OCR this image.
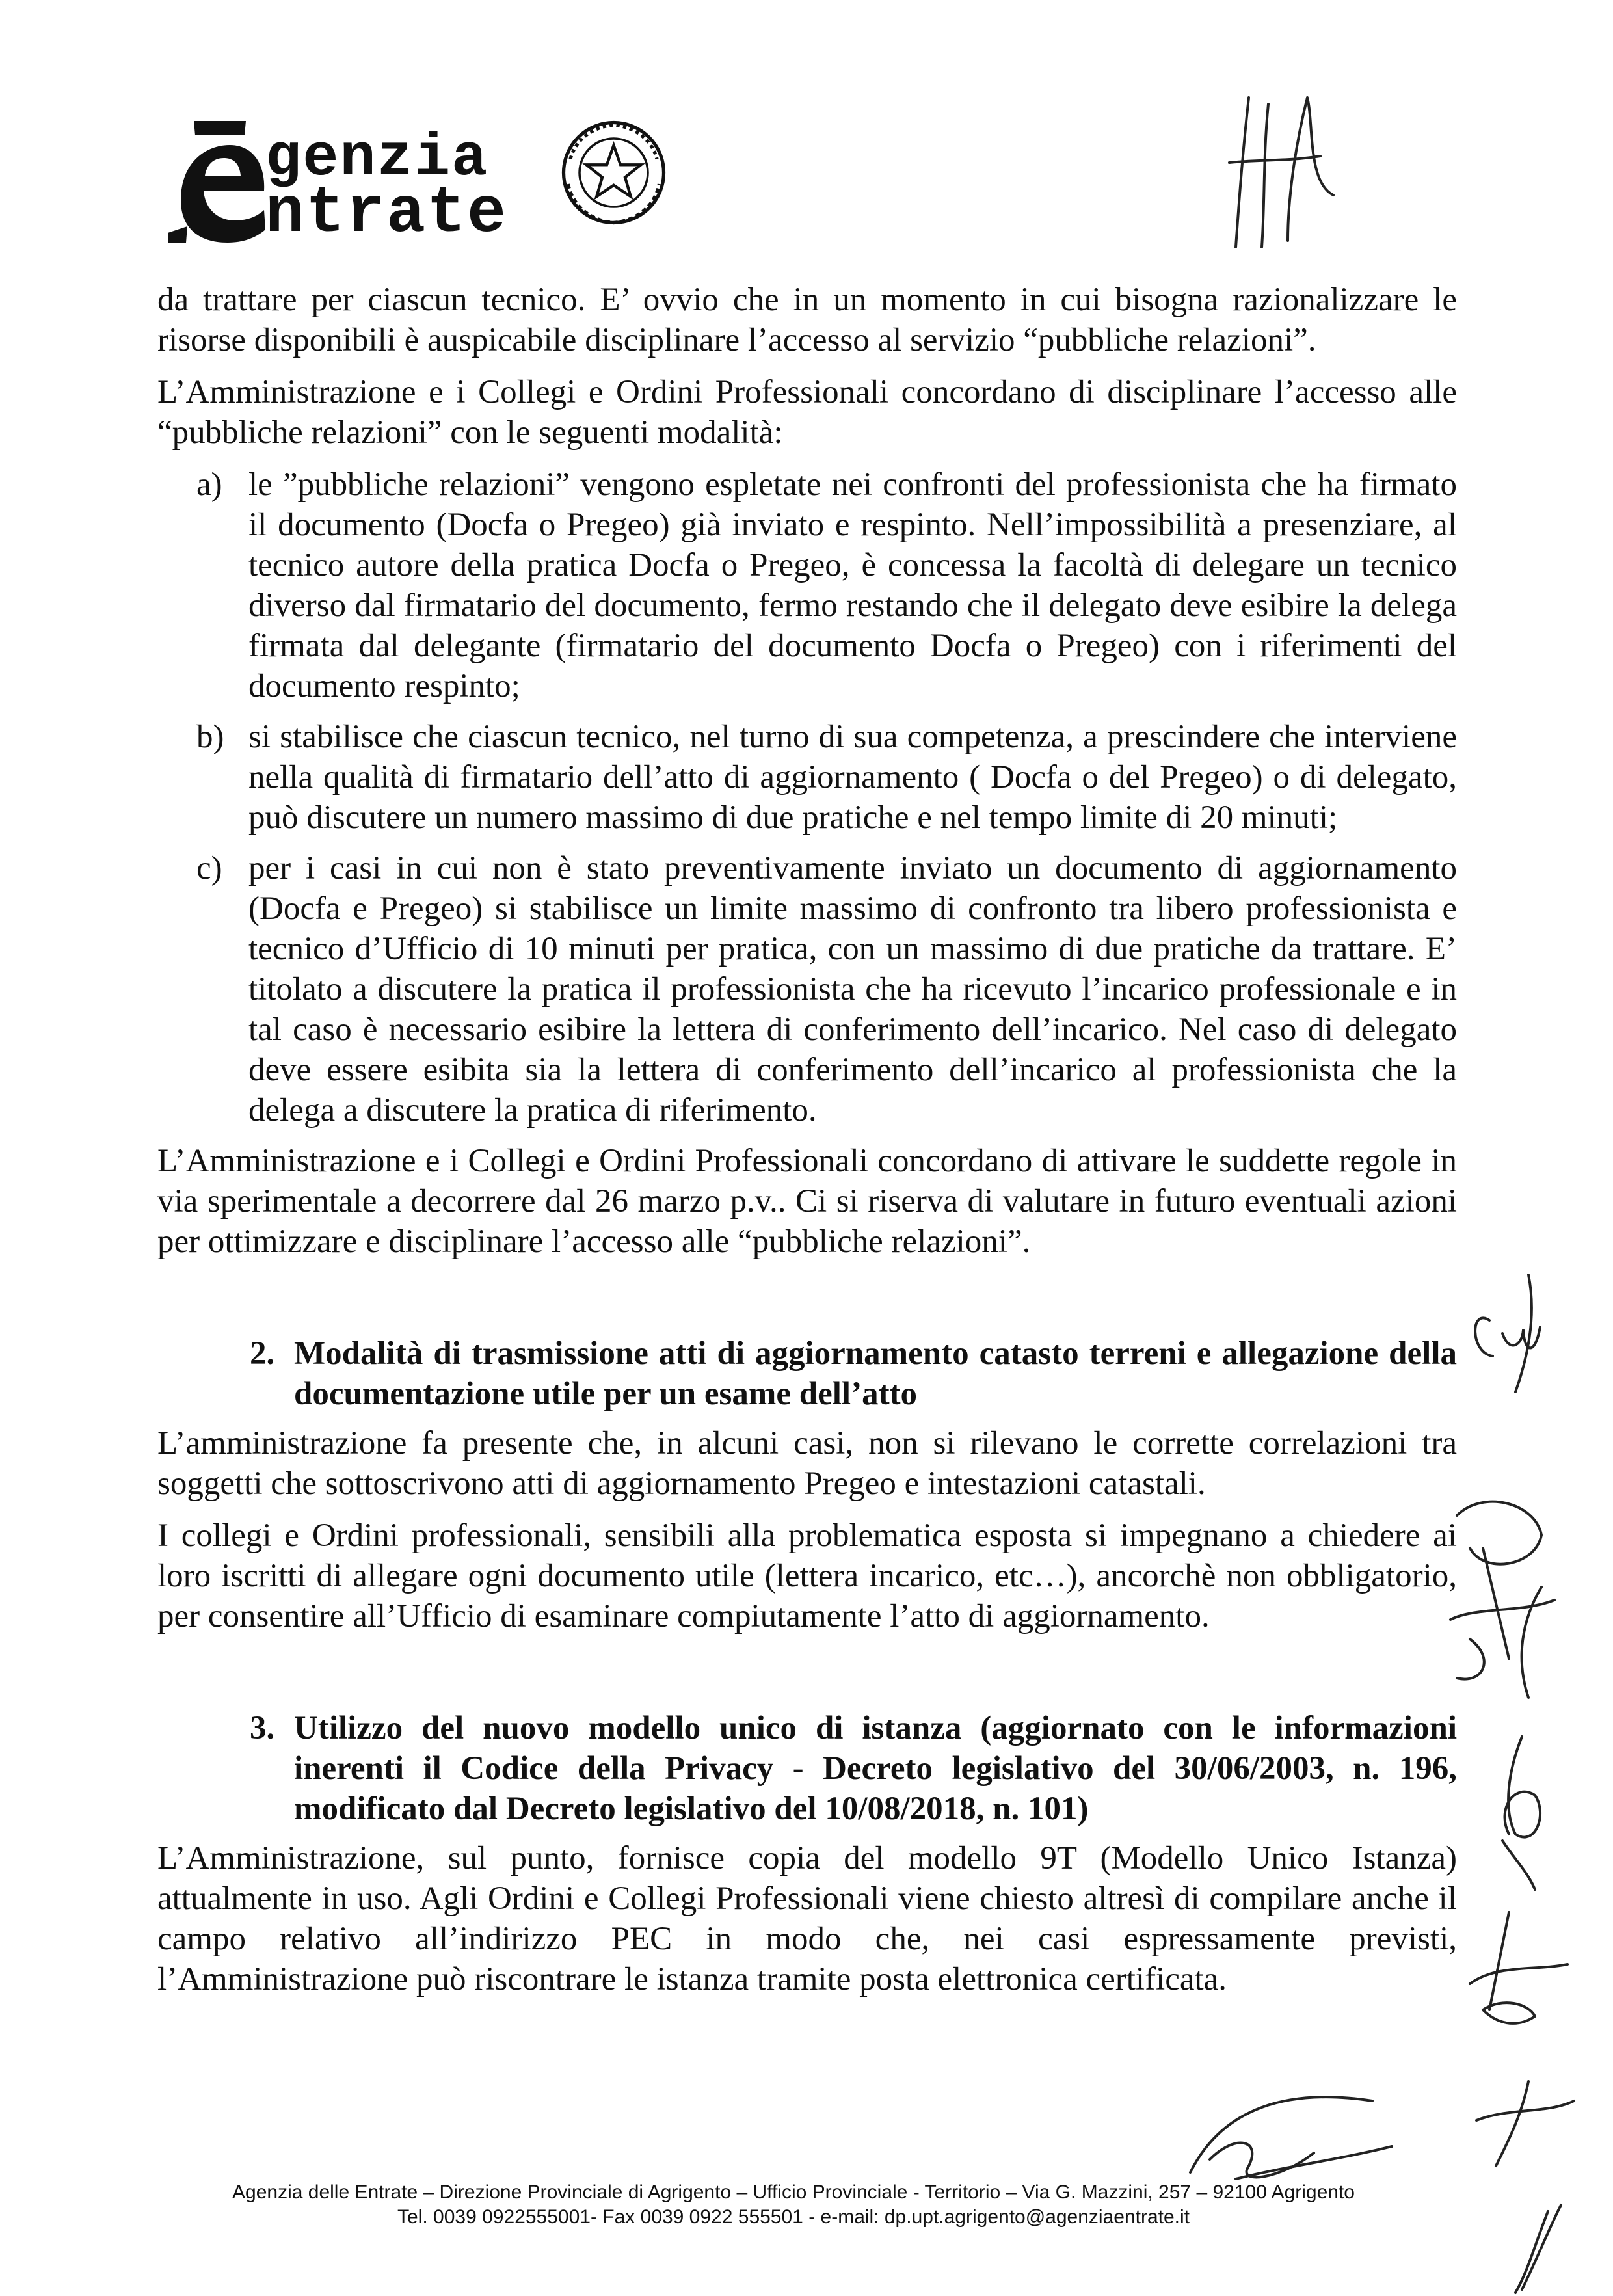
genzia
ntrate

da trattare per ciascun tecnico. E’ ovvio che in un momento in cui bisogna razionalizzare le risorse disponibili è auspicabile disciplinare l’accesso al servizio “pubbliche relazioni”.

L’Amministrazione e i Collegi e Ordini Professionali concordano di disciplinare l’accesso alle “pubbliche relazioni” con le seguenti modalità:

a) le ”pubbliche relazioni” vengono espletate nei confronti del professionista che ha firmato il documento (Docfa o Pregeo) già inviato e respinto. Nell’impossibilità a presenziare, al tecnico autore della pratica Docfa o Pregeo, è concessa la facoltà di delegare un tecnico diverso dal firmatario del documento, fermo restando che il delegato deve esibire la delega firmata dal delegante (firmatario del documento Docfa o Pregeo) con i riferimenti del documento respinto;
b) si stabilisce che ciascun tecnico, nel turno di sua competenza, a prescindere che interviene nella qualità di firmatario dell’atto di aggiornamento ( Docfa o del Pregeo) o di delegato, può discutere un numero massimo di due pratiche e nel tempo limite di 20 minuti;
c) per i casi in cui non è stato preventivamente inviato un documento di aggiornamento (Docfa e Pregeo) si stabilisce un limite massimo di confronto tra libero professionista e tecnico d’Ufficio di 10 minuti per pratica, con un massimo di due pratiche da trattare. E’ titolato a discutere la pratica il professionista che ha ricevuto l’incarico professionale e in tal caso è necessario esibire la lettera di conferimento dell’incarico. Nel caso di delegato deve essere esibita sia la lettera di conferimento dell’incarico al professionista che la delega a discutere la pratica di riferimento.

L’Amministrazione e i Collegi e Ordini Professionali concordano di attivare le suddette regole in via sperimentale a decorrere dal 26 marzo p.v.. Ci si riserva di valutare in futuro eventuali azioni per ottimizzare e disciplinare l’accesso alle “pubbliche relazioni”.

2. Modalità di trasmissione atti di aggiornamento catasto terreni e allegazione della documentazione utile per un esame dell’atto

L’amministrazione fa presente che, in alcuni casi, non si rilevano le corrette correlazioni tra soggetti che sottoscrivono atti di aggiornamento Pregeo e intestazioni catastali.

I collegi e Ordini professionali, sensibili alla problematica esposta si impegnano a chiedere ai loro iscritti di allegare ogni documento utile (lettera incarico, etc…), ancorchè non obbligatorio, per consentire all’Ufficio di esaminare compiutamente l’atto di aggiornamento.

3. Utilizzo del nuovo modello unico di istanza (aggiornato con le informazioni inerenti il Codice della Privacy - Decreto legislativo del 30/06/2003, n. 196, modificato dal Decreto legislativo del 10/08/2018, n. 101)

L’Amministrazione, sul punto, fornisce copia del modello 9T (Modello Unico Istanza) attualmente in uso. Agli Ordini e Collegi Professionali viene chiesto altresì di compilare anche il campo relativo all’indirizzo PEC in modo che, nei casi espressamente previsti, l’Amministrazione può riscontrare le istanza tramite posta elettronica certificata.

Agenzia delle Entrate – Direzione Provinciale di Agrigento – Ufficio Provinciale - Territorio – Via G. Mazzini, 257 – 92100 Agrigento
Tel. 0039 0922555001- Fax 0039 0922 555501 - e-mail: dp.upt.agrigento@agenziaentrate.it
